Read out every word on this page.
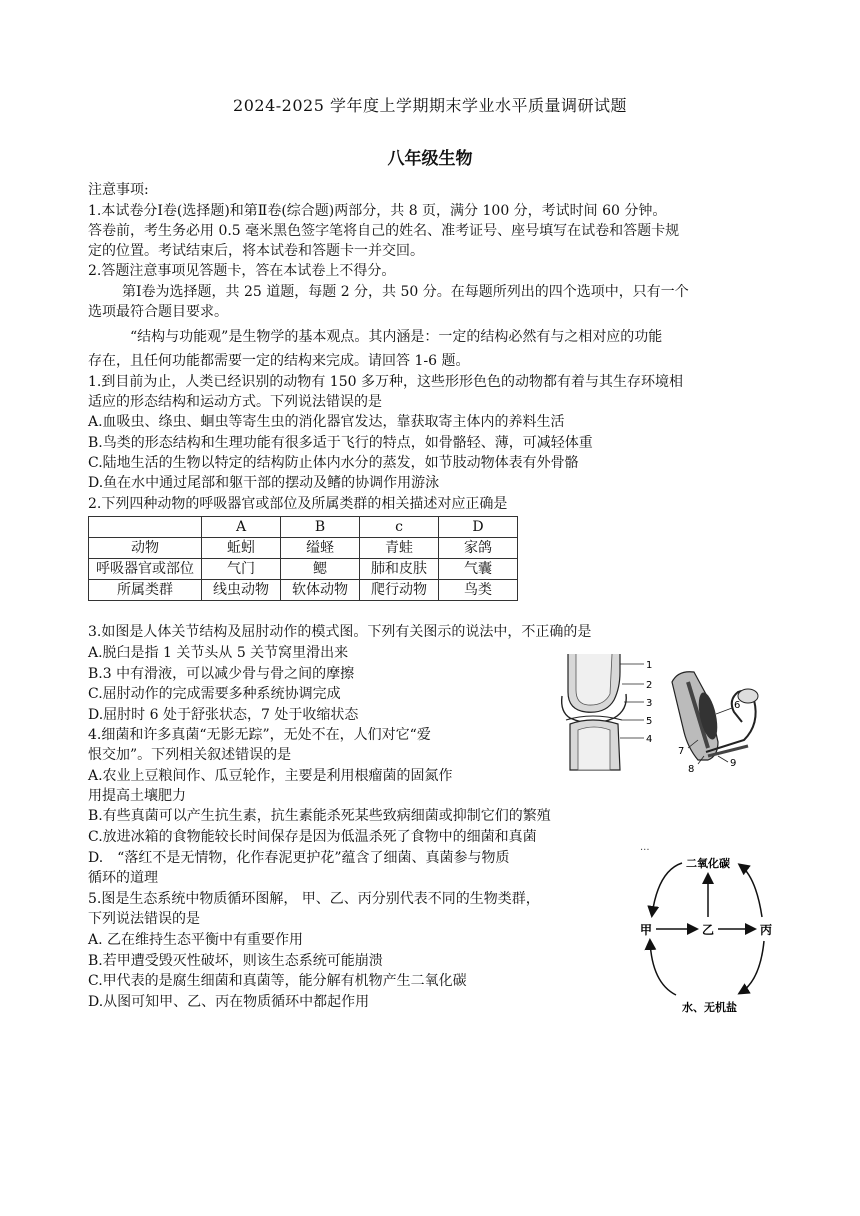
2024-2025 学年度上学期期末学业水平质量调研试题
八年级生物
注意事项:
1.本试卷分Ⅰ卷(选择题)和第Ⅱ卷(综合题)两部分，共 8 页，满分 100 分，考试时间 60 分钟。
答卷前，考生务必用 0.5 毫米黑色签字笔将自己的姓名、准考证号、座号填写在试卷和答题卡规
定的位置。考试结束后，将本试卷和答题卡一并交回。
2.答题注意事项见答题卡，答在本试卷上不得分。
第Ⅰ卷为选择题，共 25 道题，每题 2 分，共 50 分。在每题所列出的四个选项中，只有一个
选项最符合题目要求。
“结构与功能观”是生物学的基本观点。其内涵是：一定的结构必然有与之相对应的功能
存在，且任何功能都需要一定的结构来完成。请回答 1-6 题。
1.到目前为止，人类已经识别的动物有 150 多万种，这些形形色色的动物都有着与其生存环境相
适应的形态结构和运动方式。下列说法错误的是
A.血吸虫、绦虫、蛔虫等寄生虫的消化器官发达，靠获取寄主体内的养料生活
B.鸟类的形态结构和生理功能有很多适于飞行的特点，如骨骼轻、薄，可减轻体重
C.陆地生活的生物以特定的结构防止体内水分的蒸发，如节肢动物体表有外骨骼
D.鱼在水中通过尾部和躯干部的摆动及鳍的协调作用游泳
2.下列四种动物的呼吸器官或部位及所属类群的相关描述对应正确是
	A	B	c	D
动物	蚯蚓	缢蛏	青蛙	家鸽
呼吸器官或部位	气门	鳃	肺和皮肤	气囊
所属类群	线虫动物	软体动物	爬行动物	鸟类
3.如图是人体关节结构及屈肘动作的模式图。下列有关图示的说法中，不正确的是
A.脱臼是指 1 关节头从 5 关节窝里滑出来
B.3 中有滑液，可以减少骨与骨之间的摩擦
C.屈肘动作的完成需要多种系统协调完成
D.屈肘时 6 处于舒张状态，7 处于收缩状态
1
2
3
5
4
6
7
8
9
4.细菌和许多真菌“无影无踪”，无处不在，人们对它“爱
恨交加”。下列相关叙述错误的是
A.农业上豆粮间作、瓜豆轮作，主要是利用根瘤菌的固氮作
用提高土壤肥力
B.有些真菌可以产生抗生素，抗生素能杀死某些致病细菌或抑制它们的繁殖
C.放进冰箱的食物能较长时间保存是因为低温杀死了食物中的细菌和真菌
D.　“落红不是无情物，化作春泥更护花”蕴含了细菌、真菌参与物质
循环的道理
5.图是生态系统中物质循环图解， 甲、乙、丙分别代表不同的生物类群，
下列说法错误的是
A. 乙在维持生态平衡中有重要作用
B.若甲遭受毁灭性破坏，则该生态系统可能崩溃
C.甲代表的是腐生细菌和真菌等，能分解有机物产生二氧化碳
D.从图可知甲、乙、丙在物质循环中都起作用
···
二氧化碳
甲	乙	丙
水、无机盐
